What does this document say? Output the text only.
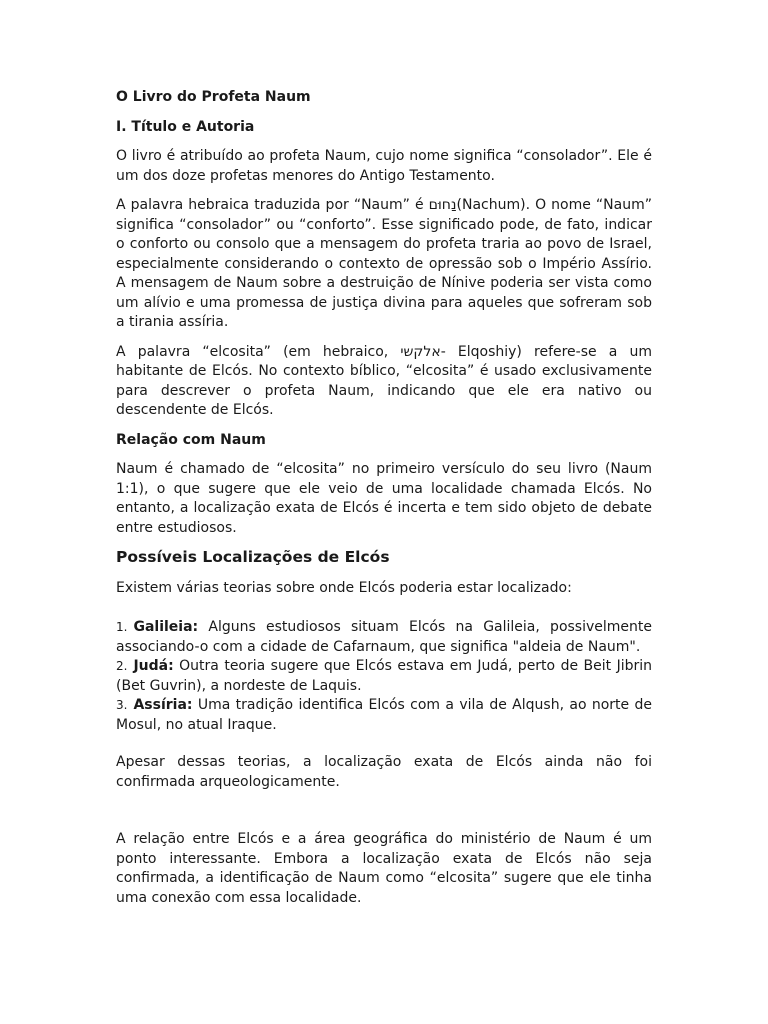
O Livro do Profeta Naum
I. Título e Autoria

O livro é atribuído ao profeta Naum, cujo nome significa “consolador”. Ele é um dos doze profetas menores do Antigo Testamento.

A palavra hebraica traduzida por “Naum” é נַחוּם(Nachum). O nome “Naum” significa “consolador” ou “conforto”. Esse significado pode, de fato, indicar o conforto ou consolo que a mensagem do profeta traria ao povo de Israel, especialmente considerando o contexto de opressão sob o Império Assírio. A mensagem de Naum sobre a destruição de Nínive poderia ser vista como um alívio e uma promessa de justiça divina para aqueles que sofreram sob a tirania assíria.

A palavra “elcosita” (em hebraico, אלקשי- Elqoshiy) refere-se a um habitante de Elcós. No contexto bíblico, “elcosita” é usado exclusivamente para descrever o profeta Naum, indicando que ele era nativo ou descendente de Elcós.

Relação com Naum

Naum é chamado de “elcosita” no primeiro versículo do seu livro (Naum 1:1), o que sugere que ele veio de uma localidade chamada Elcós. No entanto, a localização exata de Elcós é incerta e tem sido objeto de debate entre estudiosos.

Possíveis Localizações de Elcós

Existem várias teorias sobre onde Elcós poderia estar localizado:

1. Galileia: Alguns estudiosos situam Elcós na Galileia, possivelmente associando-o com a cidade de Cafarnaum, que significa "aldeia de Naum".
2. Judá: Outra teoria sugere que Elcós estava em Judá, perto de Beit Jibrin (Bet Guvrin), a nordeste de Laquis.
3. Assíria: Uma tradição identifica Elcós com a vila de Alqush, ao norte de Mosul, no atual Iraque.

Apesar dessas teorias, a localização exata de Elcós ainda não foi confirmada arqueologicamente.

A relação entre Elcós e a área geográfica do ministério de Naum é um ponto interessante. Embora a localização exata de Elcós não seja confirmada, a identificação de Naum como “elcosita” sugere que ele tinha uma conexão com essa localidade.
